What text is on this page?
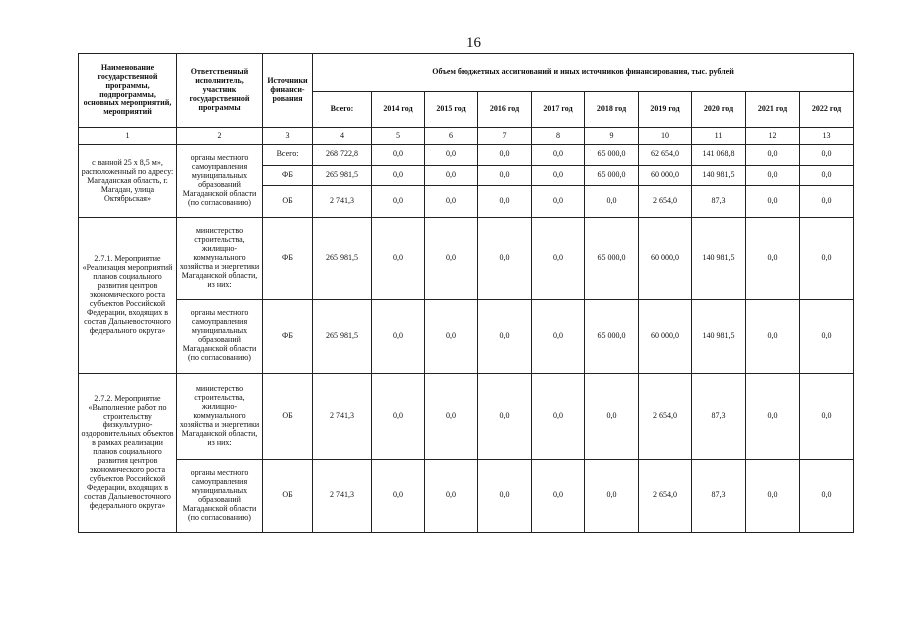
16
Наименование государственной программы, подпрограммы, основных мероприятий, мероприятий	Ответственный исполнитель, участник государственной программы	Источники финанси-рования	Объем бюджетных ассигнований и иных источников финансирования, тыс. рублей									
			Всего:	2014 год	2015 год	2016 год	2017 год	2018 год	2019 год	2020 год	2021 год	2022 год
1	2	3	4	5	6	7	8	9	10	11	12	13
с ванной 25 х 8,5 м», расположенный по адресу: Магаданская область, г. Магадан, улица Октябрьская»	органы местного самоуправления муниципальных образований Магаданской области (по согласованию)	Всего:	268 722,8	0,0	0,0	0,0	0,0	65 000,0	62 654,0	141 068,8	0,0	0,0
		ФБ	265 981,5	0,0	0,0	0,0	0,0	65 000,0	60 000,0	140 981,5	0,0	0,0
		ОБ	2 741,3	0,0	0,0	0,0	0,0	0,0	2 654,0	87,3	0,0	0,0
2.7.1. Мероприятие «Реализация мероприятий планов социального развития центров экономического роста субъектов Российской Федерации, входящих в состав Дальневосточного федерального округа»	министерство строительства, жилищно-коммунального хозяйства и энергетики Магаданской области, из них:	ФБ	265 981,5	0,0	0,0	0,0	0,0	65 000,0	60 000,0	140 981,5	0,0	0,0
	органы местного самоуправления муниципальных образований Магаданской области (по согласованию)	ФБ	265 981,5	0,0	0,0	0,0	0,0	65 000,0	60 000,0	140 981,5	0,0	0,0
2.7.2. Мероприятие «Выполнение работ по строительству физкультурно-оздоровительных объектов в рамках реализации планов социального развития центров экономического роста субъектов Российской Федерации, входящих в состав Дальневосточного федерального округа»	министерство строительства, жилищно-коммунального хозяйства и энергетики Магаданской области, из них:	ОБ	2 741,3	0,0	0,0	0,0	0,0	0,0	2 654,0	87,3	0,0	0,0
	органы местного самоуправления муниципальных образований Магаданской области (по согласованию)	ОБ	2 741,3	0,0	0,0	0,0	0,0	0,0	2 654,0	87,3	0,0	0,0
